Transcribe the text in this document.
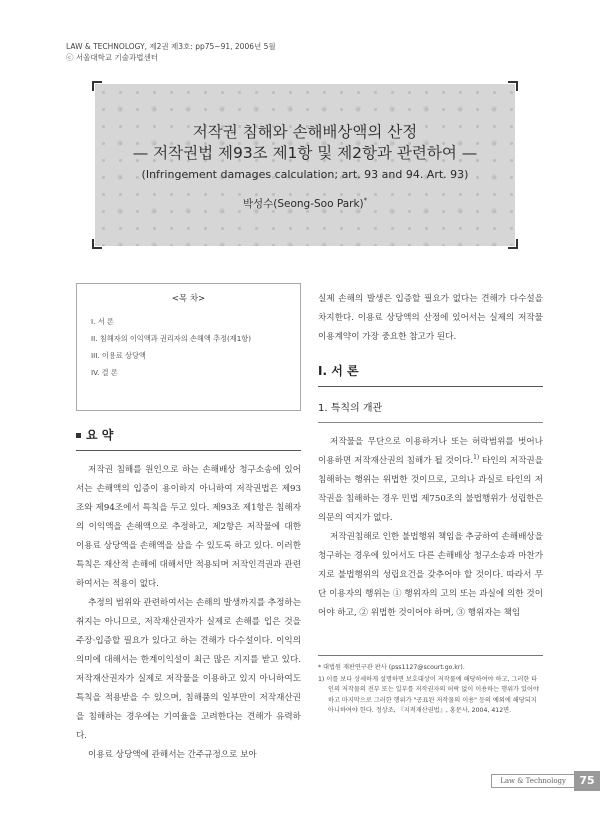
LAW & TECHNOLOGY, 제2권 제3호: pp75~91, 2006년 5월
ⓒ 서울대학교 기술과법센터
저작권 침해와 손해배상액의 산정
— 저작권법 제93조 제1항 및 제2항과 관련하여 —
(Infringement damages calculation; art. 93 and 94. Art. 93)
박성수(Seong-Soo Park)*
<목 차>
I. 서 론
II. 침해자의 이익액과 권리자의 손해액 추정(제1항)
III. 이용료 상당액
IV. 결 론
요 약

저작권 침해를 원인으로 하는 손해배상 청구소송에 있어서는 손해액의 입증이 용이하지 아니하여 저작권법은 제93조와 제94조에서 특칙을 두고 있다. 제93조 제1항은 침해자의 이익액을 손해액으로 추정하고, 제2항은 저작물에 대한 이용료 상당액을 손해액을 삼을 수 있도록 하고 있다. 이러한 특칙은 재산적 손해에 대해서만 적용되며 저작인격권과 관련하여서는 적용이 없다.

추정의 범위와 관련하여서는 손해의 발생까지를 추정하는 취지는 아니므로, 저작재산권자가 실제로 손해를 입은 것을 주장·입증할 필요가 있다고 하는 견해가 다수설이다. 이익의 의미에 대해서는 한계이익설이 최근 많은 지지를 받고 있다. 저작재산권자가 실제로 저작물을 이용하고 있지 아니하여도 특칙을 적용받을 수 있으며, 침해품의 일부만이 저작재산권을 침해하는 경우에는 기여율을 고려한다는 견해가 유력하다.

이용료 상당액에 관해서는 간주규정으로 보아

실제 손해의 발생은 입증할 필요가 없다는 견해가 다수설을 차지한다. 이용료 상당액의 산정에 있어서는 실제의 저작물 이용계약이 가장 중요한 참고가 된다.

I. 서 론
1. 특칙의 개관

저작물을 무단으로 이용하거나 또는 허락범위를 벗어나 이용하면 저작재산권의 침해가 될 것이다.$^{1)}$ 타인의 저작권을 침해하는 행위는 위법한 것이므로, 고의나 과실로 타인의 저작권을 침해하는 경우 민법 제750조의 불법행위가 성립한은 의문의 여지가 없다.

저작권침해로 인한 불법행위 책임을 추궁하여 손해배상을 청구하는 경우에 있어서도 다른 손해배상 청구소송과 마찬가지로 불법행위의 성립요건을 갖추어야 할 것이다. 따라서 무단 이용자의 행위는 ① 행위자의 고의 또는 과실에 의한 것이어야 하고, ② 위법한 것이어야 하며, ③ 행위자는 책임

* 대법원 재판연구관 판사 (pss1127@scourt.go.kr).

1) 이를 보다 상세하게 설명하면 보호대상이 저작물에 해당하여야 하고, 그러한 타인의 저작물의 전부 또는 일부를 저작권자의 허락 없이 이용하는 행위가 있어야 하고 마지막으로 그러한 행위가 "공표된 저작물의 이용" 등의 예외에 해당되지 아니하여야 한다. 정상조, 『지적재산권법』, 홍문사, 2004, 412면.

Law & Technology	75
